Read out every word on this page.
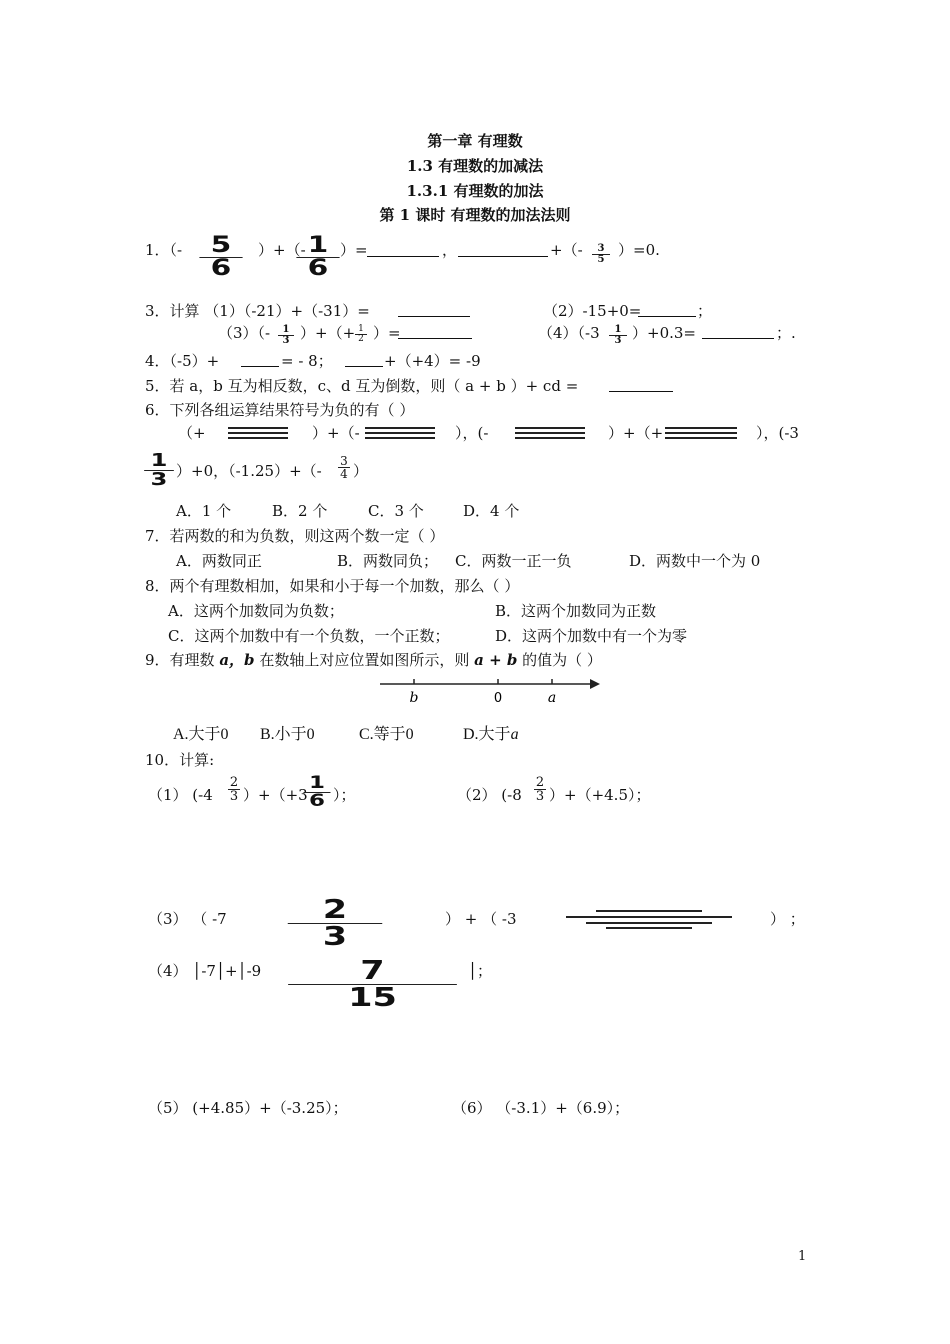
第一章 有理数
1.3 有理数的加减法
1.3.1 有理数的加法
第 1 课时 有理数的加法法则
1．（-	5
6
）+（- 1
6
）=	，	+（-	3
5
）=0.
3．计算 （1）（-21）+（-31）=	（2）-15+0=	；
（3）（-	1
3 ）+（+ 1
2 ）=	（4）（-3	1
3 ）+0.3=	；.
4．（-5）+	= - 8；	+（+4）= -9
5．若 a，b 互为相反数，c、d 互为倒数，则（ a + b ）+ cd =
6．下列各组运算结果符号为负的有（ ）
（+	）+（-	），(-	）+（+	），(-3
1
3 ）+0，（-1.25）+（-
3
4 ）
A．1 个	B．2 个	C．3 个	D．4 个
7．若两数的和为负数，则这两个数一定（ ）
A．两数同正	B．两数同负； C．两数一正一负	D．两数中一个为 0
8．两个有理数相加，如果和小于每一个加数，那么（ ）
A．这两个加数同为负数；	B．这两个加数同为正数
C．这两个加数中有一个负数，一个正数；	D．这两个加数中有一个为零
9．有理数 a，b 在数轴上对应位置如图所示，则 a + b 的值为（ ）
b	0	a
A.大于0 B.小于0	C.等于0	D.大于a
10．计算:
（1） (-4
2
3 ）+（+3
1
6 ）；	（2） (-8
2
3 ）+（+4.5）；
（3） （ -7	2
3
） + （ -3	） ；
（4） │-7│+│-9	7
15
│；
（5） (+4.85）+（-3.25）；	（6） （-3.1）+（6.9）；
1
